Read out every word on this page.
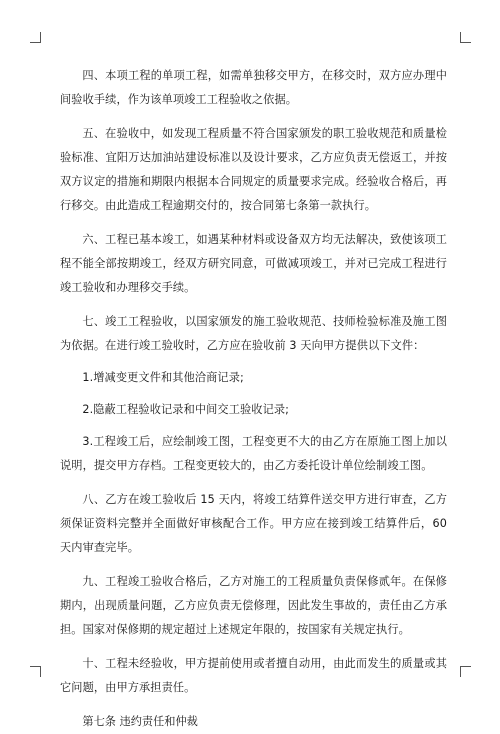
四、本项工程的单项工程，如需单独移交甲方，在移交时，双方应办理中间验收手续，作为该单项竣工工程验收之依据。

五、在验收中，如发现工程质量不符合国家颁发的职工验收规范和质量检验标准、宜阳万达加油站建设标准以及设计要求，乙方应负责无偿返工，并按双方议定的措施和期限内根据本合同规定的质量要求完成。经验收合格后，再行移交。由此造成工程逾期交付的，按合同第七条第一款执行。

六、工程已基本竣工，如遇某种材料或设备双方均无法解决，致使该项工程不能全部按期竣工，经双方研究同意，可做减项竣工，并对已完成工程进行竣工验收和办理移交手续。

七、竣工工程验收，以国家颁发的施工验收规范、技师检验标准及施工图为依据。在进行竣工验收时，乙方应在验收前 3 天向甲方提供以下文件：

1.增减变更文件和其他洽商记录;

2.隐蔽工程验收记录和中间交工验收记录;

3.工程竣工后，应绘制竣工图，工程变更不大的由乙方在原施工图上加以说明，提交甲方存档。工程变更较大的，由乙方委托设计单位绘制竣工图。

八、乙方在竣工验收后 15 天内，将竣工结算件送交甲方进行审查，乙方须保证资料完整并全面做好审核配合工作。甲方应在接到竣工结算件后，60 天内审查完毕。

九、工程竣工验收合格后，乙方对施工的工程质量负责保修贰年。在保修期内，出现质量问题，乙方应负责无偿修理，因此发生事故的，责任由乙方承担。国家对保修期的规定超过上述规定年限的，按国家有关规定执行。

十、工程未经验收，甲方提前使用或者擅自动用，由此而发生的质量或其它问题，由甲方承担责任。

第七条 违约责任和仲裁
